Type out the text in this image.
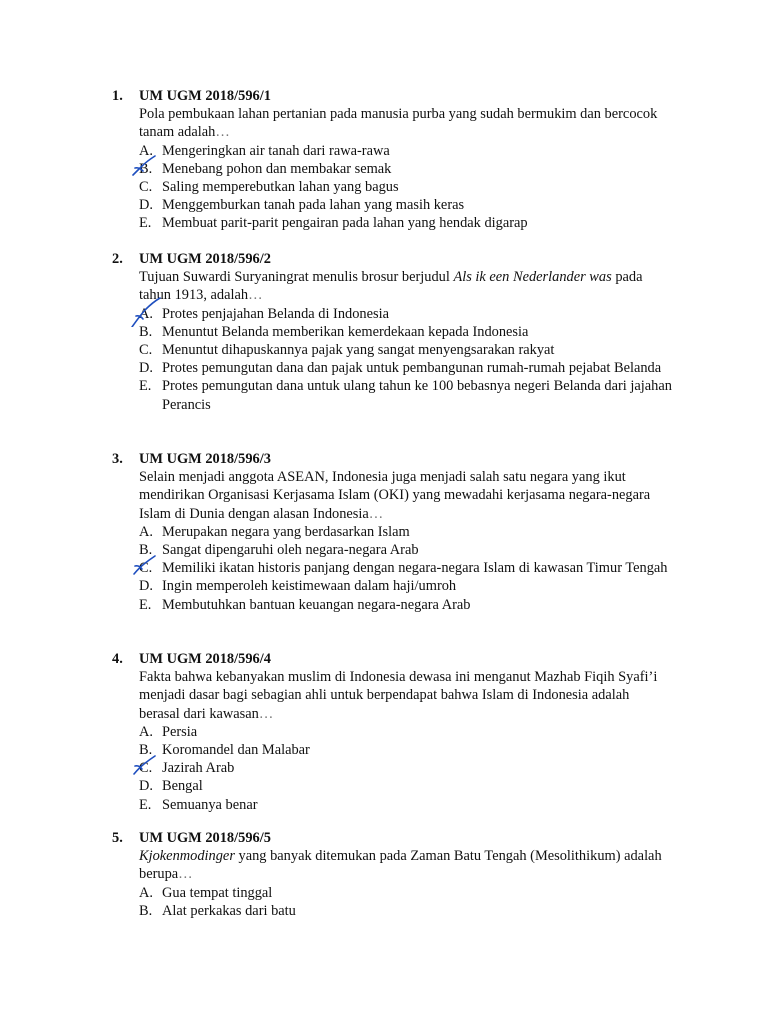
1.	UM UGM 2018/596/1

Pola pembukaan lahan pertanian pada manusia purba yang sudah bermukim dan bercocok tanam adalah…

A. Mengeringkan air tanah dari rawa-rawa
B. Menebang pohon dan membakar semak
C. Saling memperebutkan lahan yang bagus
D. Menggemburkan tanah pada lahan yang masih keras
E. Membuat parit-parit pengairan pada lahan yang hendak digarap
2.	UM UGM 2018/596/2

Tujuan Suwardi Suryaningrat menulis brosur berjudul Als ik een Nederlander was pada tahun 1913, adalah…

A. Protes penjajahan Belanda di Indonesia
B. Menuntut Belanda memberikan kemerdekaan kepada Indonesia
C. Menuntut dihapuskannya pajak yang sangat menyengsarakan rakyat
D. Protes pemungutan dana dan pajak untuk pembangunan rumah-rumah pejabat Belanda
E. Protes pemungutan dana untuk ulang tahun ke 100 bebasnya negeri Belanda dari jajahan Perancis
3.	UM UGM 2018/596/3

Selain menjadi anggota ASEAN, Indonesia juga menjadi salah satu negara yang ikut mendirikan Organisasi Kerjasama Islam (OKI) yang mewadahi kerjasama negara-negara Islam di Dunia dengan alasan Indonesia…

A. Merupakan negara yang berdasarkan Islam
B. Sangat dipengaruhi oleh negara-negara Arab
C. Memiliki ikatan historis panjang dengan negara-negara Islam di kawasan Timur Tengah
D. Ingin memperoleh keistimewaan dalam haji/umroh
E. Membutuhkan bantuan keuangan negara-negara Arab
4.	UM UGM 2018/596/4

Fakta bahwa kebanyakan muslim di Indonesia dewasa ini menganut Mazhab Fiqih Syafi’i menjadi dasar bagi sebagian ahli untuk berpendapat bahwa Islam di Indonesia adalah berasal dari kawasan…

A. Persia
B. Koromandel dan Malabar
C. Jazirah Arab
D. Bengal
E. Semuanya benar
5.	UM UGM 2018/596/5

Kjokenmodinger yang banyak ditemukan pada Zaman Batu Tengah (Mesolithikum) adalah berupa…

A. Gua tempat tinggal
B. Alat perkakas dari batu
